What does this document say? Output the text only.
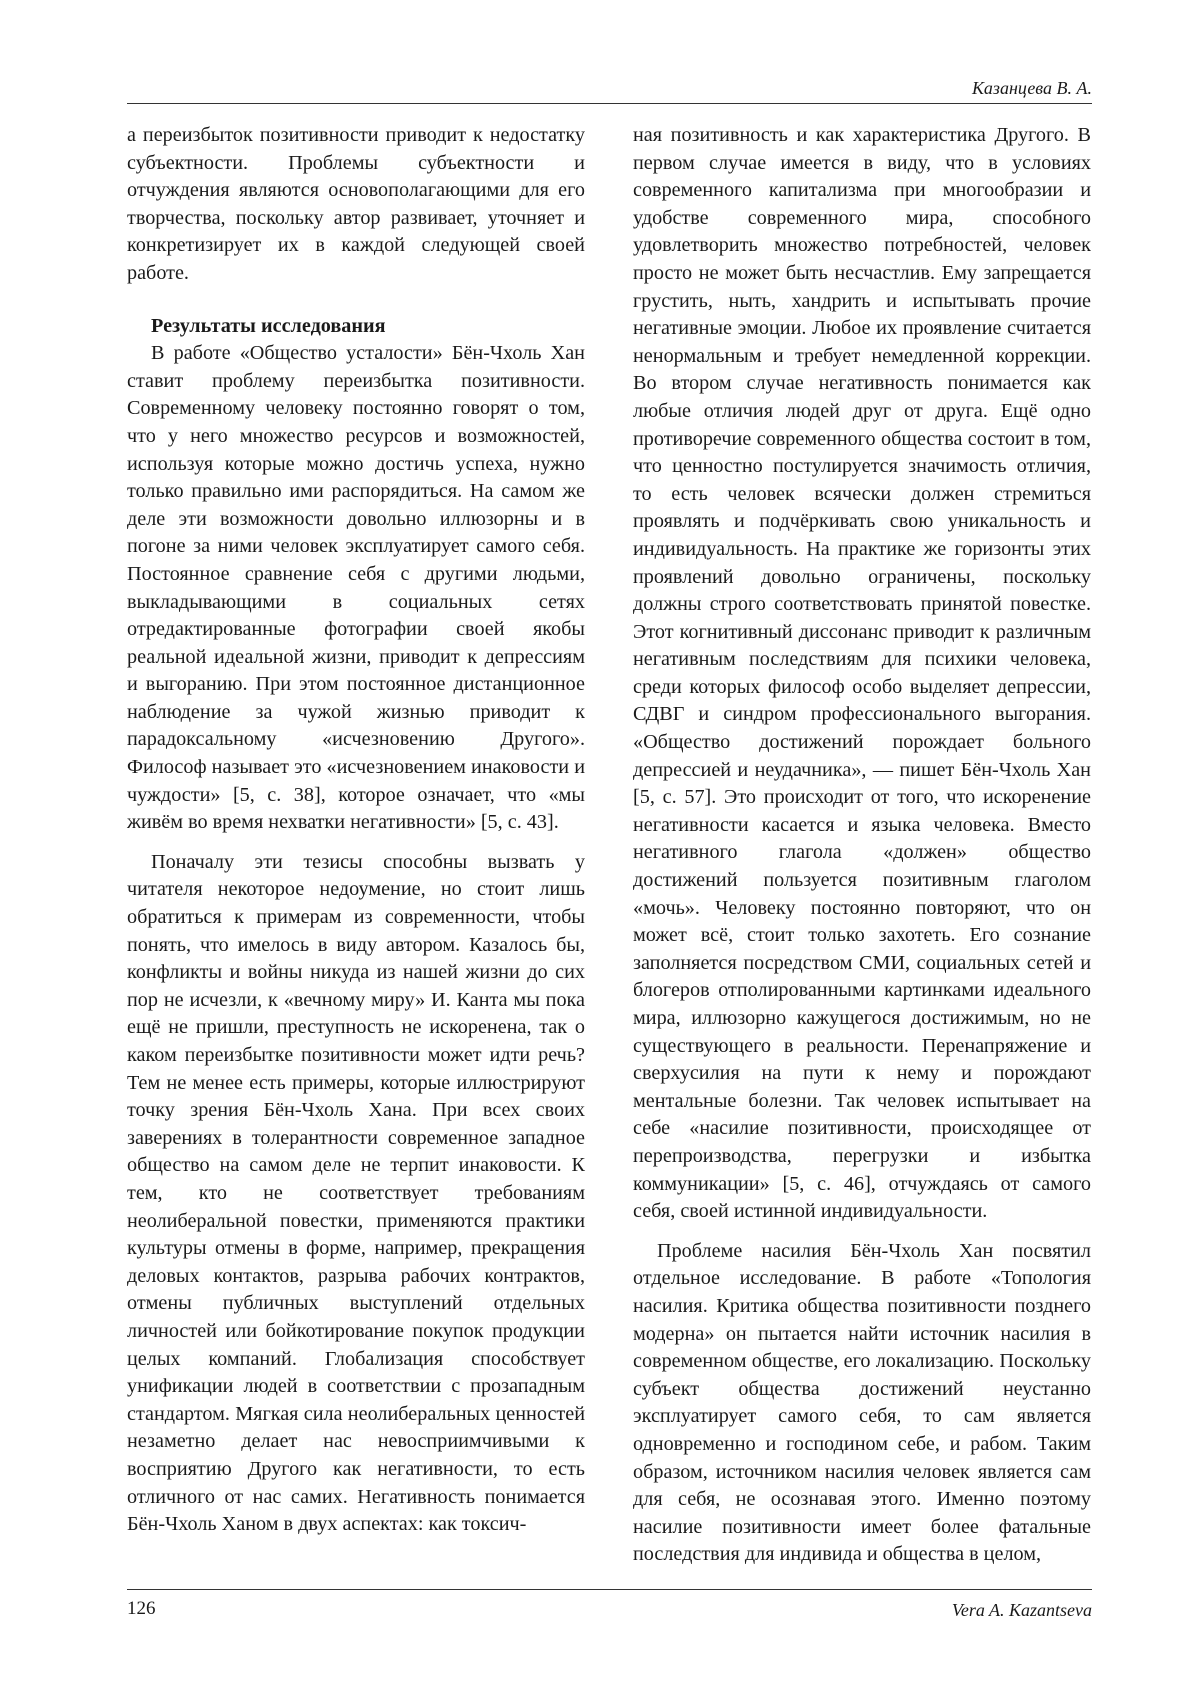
Казанцева В. А.

а переизбыток позитивности приводит к недостатку субъектности. Проблемы субъектности и отчуждения являются основополагающими для его творчества, поскольку автор развивает, уточняет и конкретизирует их в каждой следующей своей работе.

Результаты исследования

В работе «Общество усталости» Бён-Чхоль Хан ставит проблему переизбытка позитивности. Современному человеку постоянно говорят о том, что у него множество ресурсов и возможностей, используя которые можно достичь успеха, нужно только правильно ими распорядиться. На самом же деле эти возможности довольно иллюзорны и в погоне за ними человек эксплуатирует самого себя. Постоянное сравнение себя с другими людьми, выкладывающими в социальных сетях отредактированные фотографии своей якобы реальной идеальной жизни, приводит к депрессиям и выгоранию. При этом постоянное дистанционное наблюдение за чужой жизнью приводит к парадоксальному «исчезновению Другого». Философ называет это «исчезновением инаковости и чуждости» [5, с. 38], которое означает, что «мы живём во время нехватки негативности» [5, с. 43].

Поначалу эти тезисы способны вызвать у читателя некоторое недоумение, но стоит лишь обратиться к примерам из современности, чтобы понять, что имелось в виду автором. Казалось бы, конфликты и войны никуда из нашей жизни до сих пор не исчезли, к «вечному миру» И. Канта мы пока ещё не пришли, преступность не искоренена, так о каком переизбытке позитивности может идти речь? Тем не менее есть примеры, которые иллюстрируют точку зрения Бён-Чхоль Хана. При всех своих заверениях в толерантности современное западное общество на самом деле не терпит инаковости. К тем, кто не соответствует требованиям неолиберальной повестки, применяются практики культуры отмены в форме, например, прекращения деловых контактов, разрыва рабочих контрактов, отмены публичных выступлений отдельных личностей или бойкотирование покупок продукции целых компаний. Глобализация способствует унификации людей в соответствии с прозападным стандартом. Мягкая сила неолиберальных ценностей незаметно делает нас невосприимчивыми к восприятию Другого как негативности, то есть отличного от нас самих. Негативность понимается Бён-Чхоль Ханом в двух аспектах: как токсич-

ная позитивность и как характеристика Другого. В первом случае имеется в виду, что в условиях современного капитализма при многообразии и удобстве современного мира, способного удовлетворить множество потребностей, человек просто не может быть несчастлив. Ему запрещается грустить, ныть, хандрить и испытывать прочие негативные эмоции. Любое их проявление считается ненормальным и требует немедленной коррекции. Во втором случае негативность понимается как любые отличия людей друг от друга. Ещё одно противоречие современного общества состоит в том, что ценностно постулируется значимость отличия, то есть человек всячески должен стремиться проявлять и подчёркивать свою уникальность и индивидуальность. На практике же горизонты этих проявлений довольно ограничены, поскольку должны строго соответствовать принятой повестке. Этот когнитивный диссонанс приводит к различным негативным последствиям для психики человека, среди которых философ особо выделяет депрессии, СДВГ и синдром профессионального выгорания. «Общество достижений порождает больного депрессией и неудачника», — пишет Бён-Чхоль Хан [5, с. 57]. Это происходит от того, что искоренение негативности касается и языка человека. Вместо негативного глагола «должен» общество достижений пользуется позитивным глаголом «мочь». Человеку постоянно повторяют, что он может всё, стоит только захотеть. Его сознание заполняется посредством СМИ, социальных сетей и блогеров отполированными картинками идеального мира, иллюзорно кажущегося достижимым, но не существующего в реальности. Перенапряжение и сверхусилия на пути к нему и порождают ментальные болезни. Так человек испытывает на себе «насилие позитивности, происходящее от перепроизводства, перегрузки и избытка коммуникации» [5, с. 46], отчуждаясь от самого себя, своей истинной индивидуальности.

Проблеме насилия Бён-Чхоль Хан посвятил отдельное исследование. В работе «Топология насилия. Критика общества позитивности позднего модерна» он пытается найти источник насилия в современном обществе, его локализацию. Поскольку субъект общества достижений неустанно эксплуатирует самого себя, то сам является одновременно и господином себе, и рабом. Таким образом, источником насилия человек является сам для себя, не осознавая этого. Именно поэтому насилие позитивности имеет более фатальные последствия для индивида и общества в целом,

126	Vera A. Kazantseva
